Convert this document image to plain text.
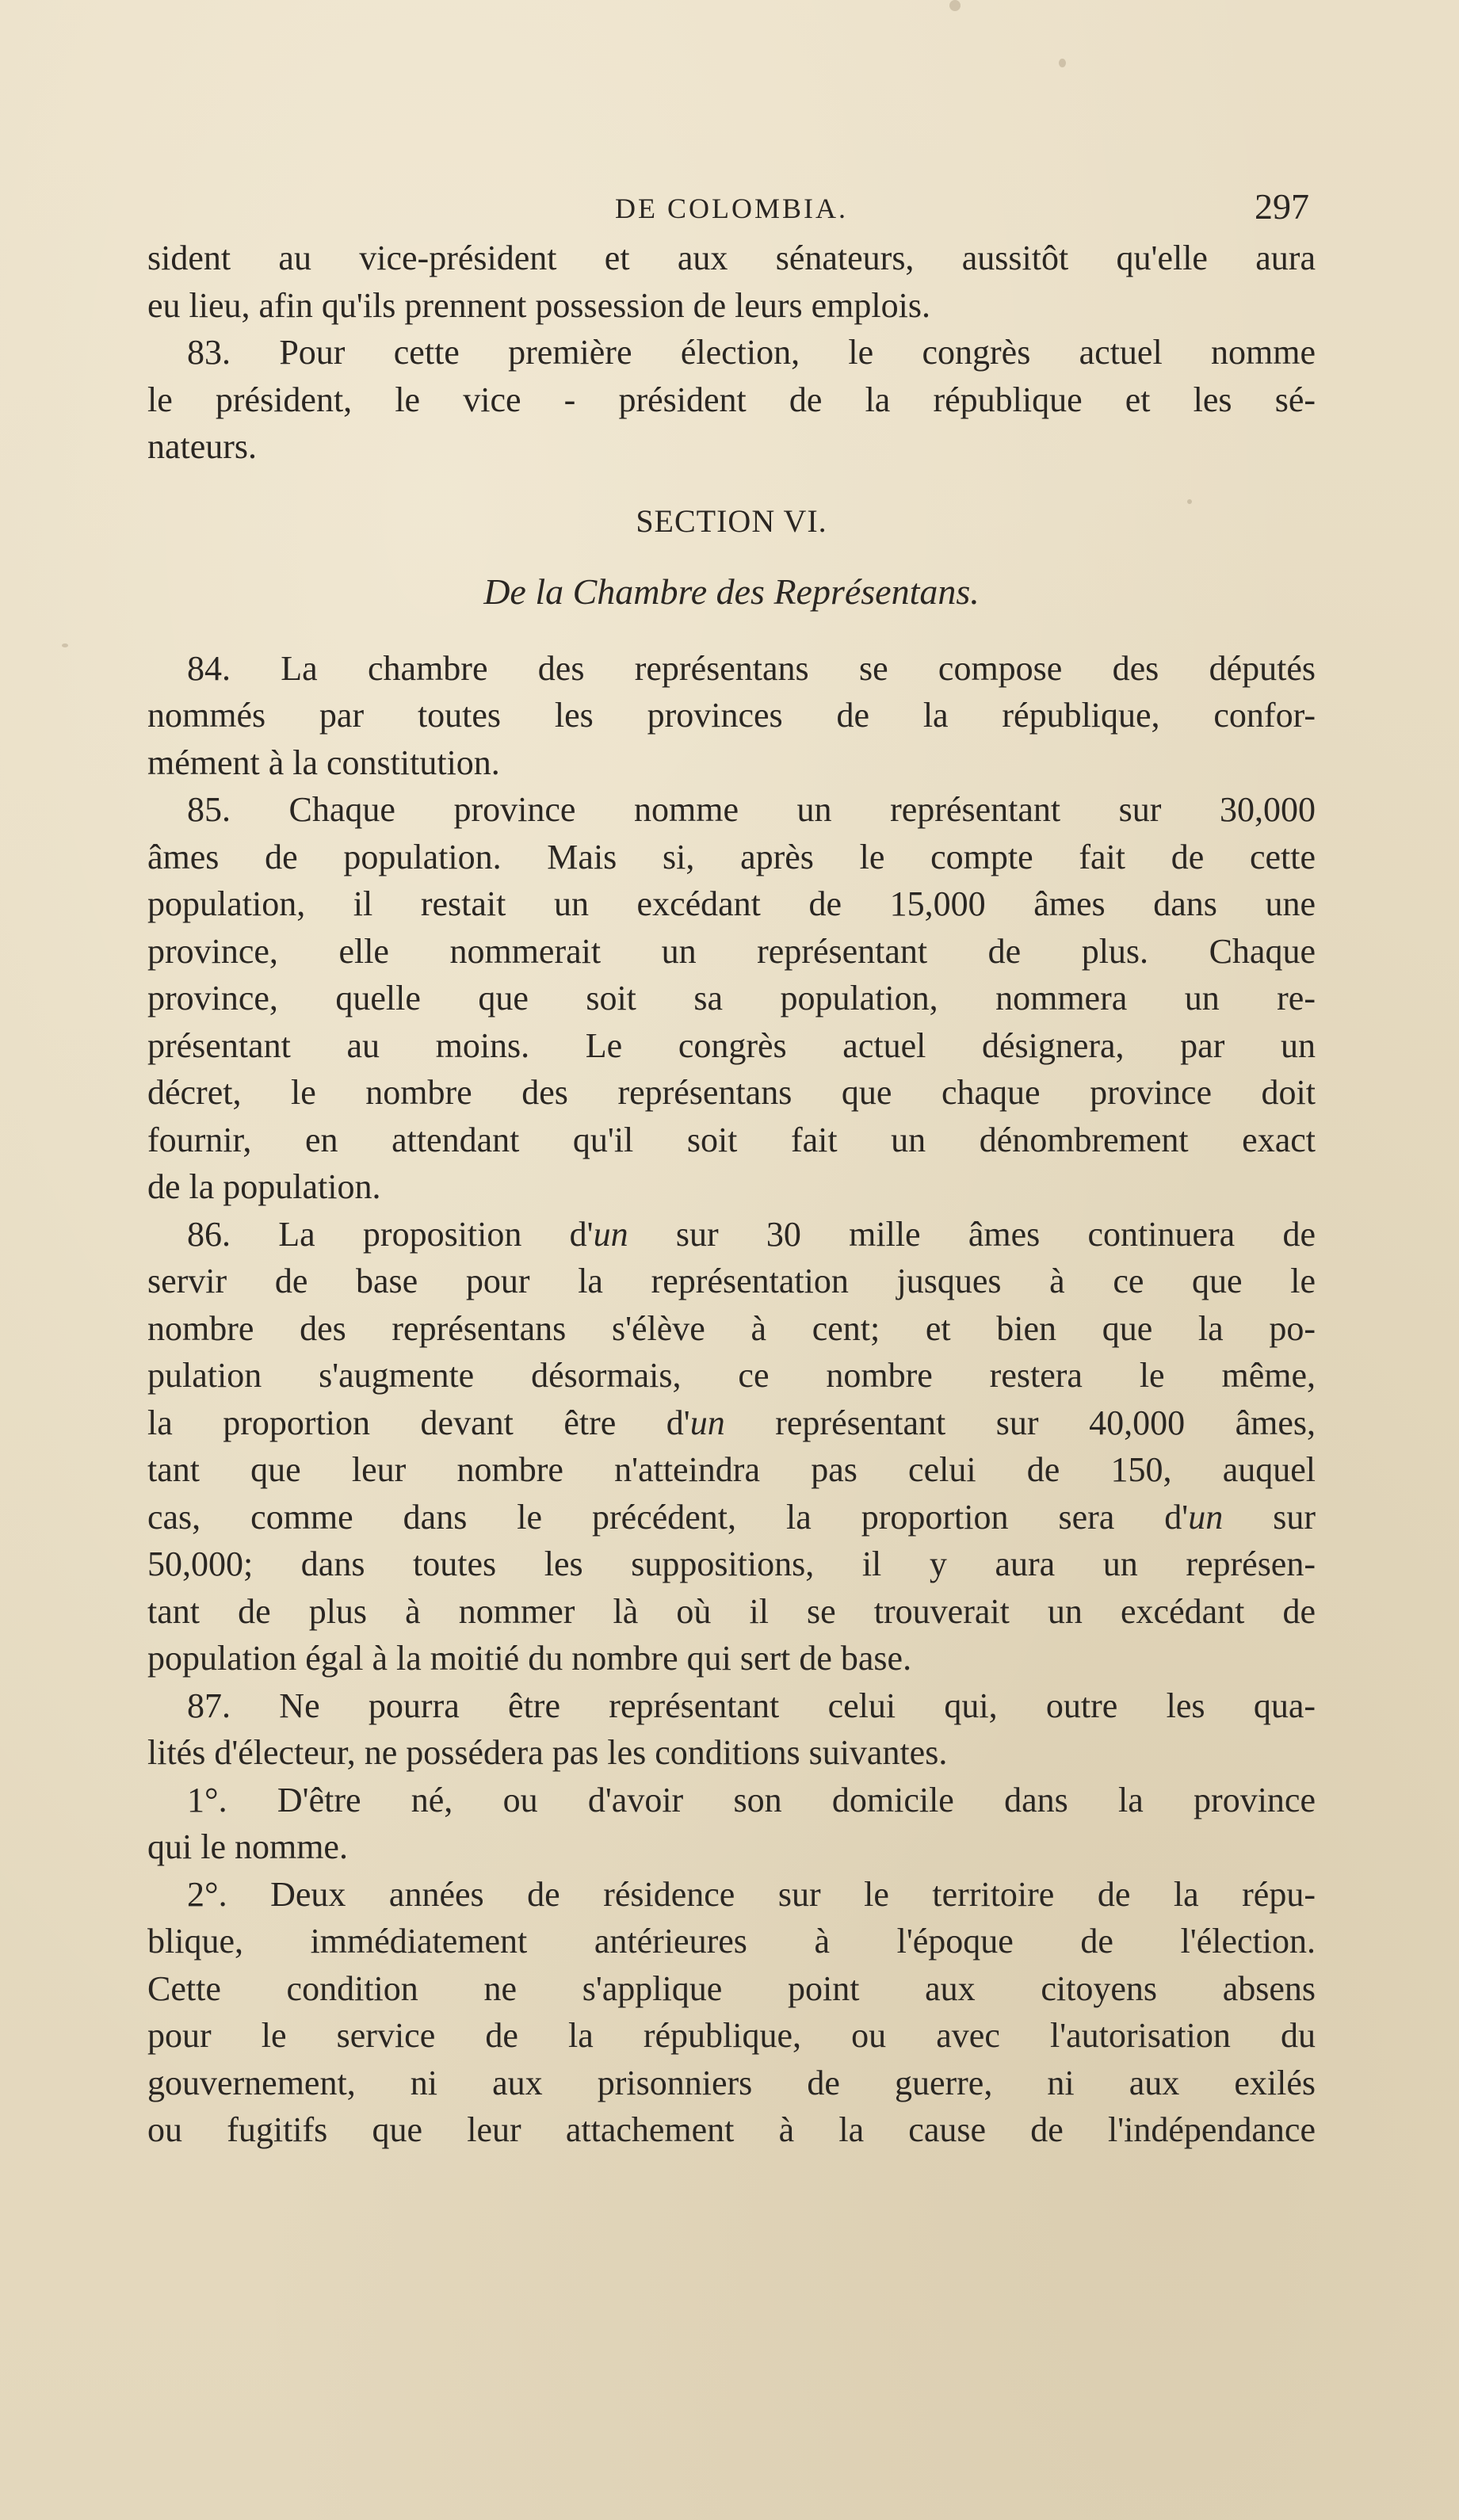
DE COLOMBIA.	297
sident au vice-président et aux sénateurs, aussitôt qu'elle aura
eu lieu, afin qu'ils prennent possession de leurs emplois.
83. Pour cette première élection, le congrès actuel nomme
le président, le vice - président de la république et les sé-
nateurs.
SECTION VI.
De la Chambre des Représentans.
84. La chambre des représentans se compose des députés
nommés par toutes les provinces de la république, confor-
mément à la constitution.
85. Chaque province nomme un représentant sur 30,000
âmes de population. Mais si, après le compte fait de cette
population, il restait un excédant de 15,000 âmes dans une
province, elle nommerait un représentant de plus. Chaque
province, quelle que soit sa population, nommera un re-
présentant au moins. Le congrès actuel désignera, par un
décret, le nombre des représentans que chaque province doit
fournir, en attendant qu'il soit fait un dénombrement exact
de la population.
86. La proposition d'un sur 30 mille âmes continuera de
servir de base pour la représentation jusques à ce que le
nombre des représentans s'élève à cent; et bien que la po-
pulation s'augmente désormais, ce nombre restera le même,
la proportion devant être d'un représentant sur 40,000 âmes,
tant que leur nombre n'atteindra pas celui de 150, auquel
cas, comme dans le précédent, la proportion sera d'un sur
50,000; dans toutes les suppositions, il y aura un représen-
tant de plus à nommer là où il se trouverait un excédant de
population égal à la moitié du nombre qui sert de base.
87. Ne pourra être représentant celui qui, outre les qua-
lités d'électeur, ne possédera pas les conditions suivantes.
1°. D'être né, ou d'avoir son domicile dans la province
qui le nomme.
2°. Deux années de résidence sur le territoire de la répu-
blique, immédiatement antérieures à l'époque de l'élection.
Cette condition ne s'applique point aux citoyens absens
pour le service de la république, ou avec l'autorisation du
gouvernement, ni aux prisonniers de guerre, ni aux exilés
ou fugitifs que leur attachement à la cause de l'indépendance
